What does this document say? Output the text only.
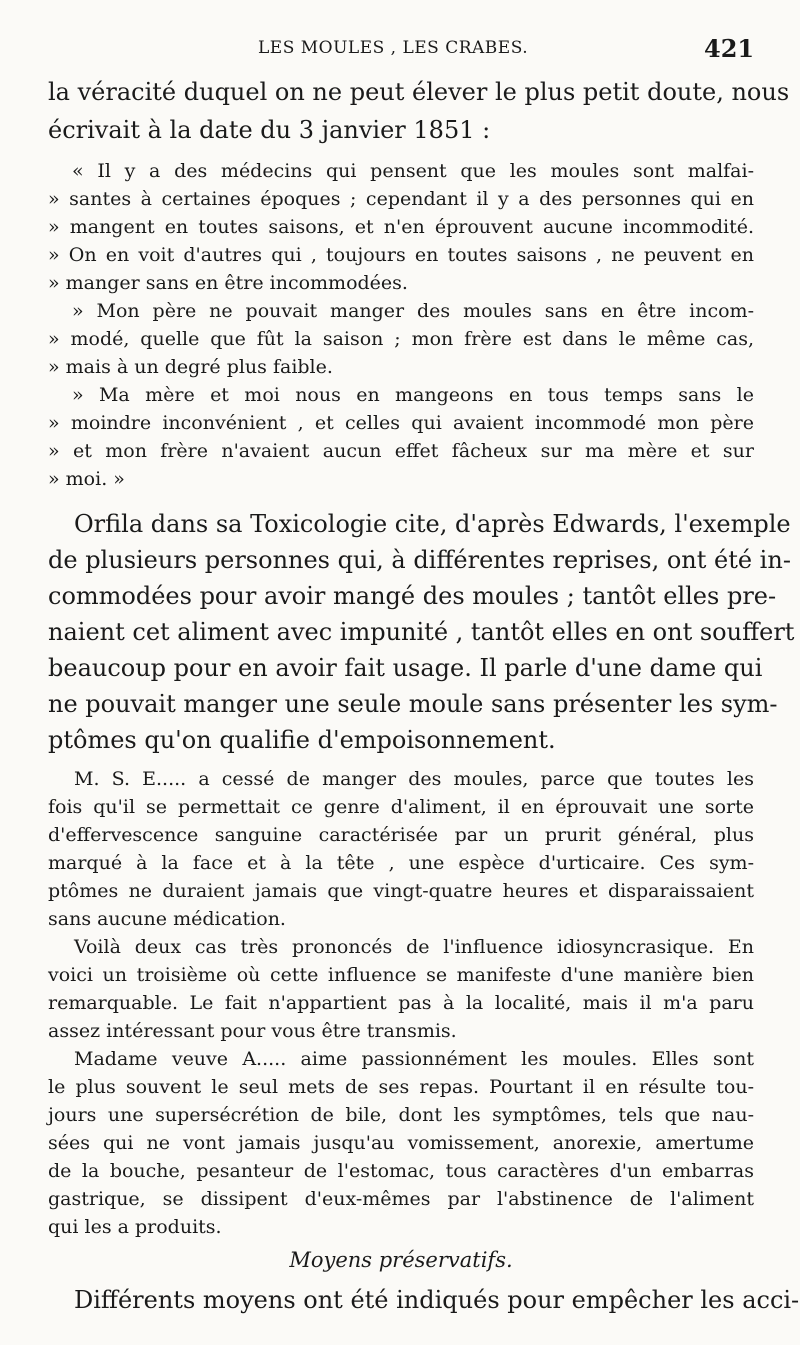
LES MOULES , LES CRABES.	421
la véracité duquel on ne peut élever le plus petit doute, nous
écrivait à la date du 3 janvier 1851 :
« Il y a des médecins qui pensent que les moules sont malfai-
» santes à certaines époques ; cependant il y a des personnes qui en
» mangent en toutes saisons, et n'en éprouvent aucune incommodité.
» On en voit d'autres qui , toujours en toutes saisons , ne peuvent en
» manger sans en être incommodées.
» Mon père ne pouvait manger des moules sans en être incom-
» modé, quelle que fût la saison ; mon frère est dans le même cas,
» mais à un degré plus faible.
» Ma mère et moi nous en mangeons en tous temps sans le
» moindre inconvénient , et celles qui avaient incommodé mon père
» et mon frère n'avaient aucun effet fâcheux sur ma mère et sur
» moi. »
Orfila dans sa Toxicologie cite, d'après Edwards, l'exemple
de plusieurs personnes qui, à différentes reprises, ont été in-
commodées pour avoir mangé des moules ; tantôt elles pre-
naient cet aliment avec impunité , tantôt elles en ont souffert
beaucoup pour en avoir fait usage. Il parle d'une dame qui
ne pouvait manger une seule moule sans présenter les sym-
ptômes qu'on qualifie d'empoisonnement.
M. S. E..... a cessé de manger des moules, parce que toutes les
fois qu'il se permettait ce genre d'aliment, il en éprouvait une sorte
d'effervescence sanguine caractérisée par un prurit général, plus
marqué à la face et à la tête , une espèce d'urticaire. Ces sym-
ptômes ne duraient jamais que vingt-quatre heures et disparaissaient
sans aucune médication.
Voilà deux cas très prononcés de l'influence idiosyncrasique. En
voici un troisième où cette influence se manifeste d'une manière bien
remarquable. Le fait n'appartient pas à la localité, mais il m'a paru
assez intéressant pour vous être transmis.
Madame veuve A..... aime passionnément les moules. Elles sont
le plus souvent le seul mets de ses repas. Pourtant il en résulte tou-
jours une supersécrétion de bile, dont les symptômes, tels que nau-
sées qui ne vont jamais jusqu'au vomissement, anorexie, amertume
de la bouche, pesanteur de l'estomac, tous caractères d'un embarras
gastrique, se dissipent d'eux-mêmes par l'abstinence de l'aliment
qui les a produits.
Moyens préservatifs.
Différents moyens ont été indiqués pour empêcher les acci-
